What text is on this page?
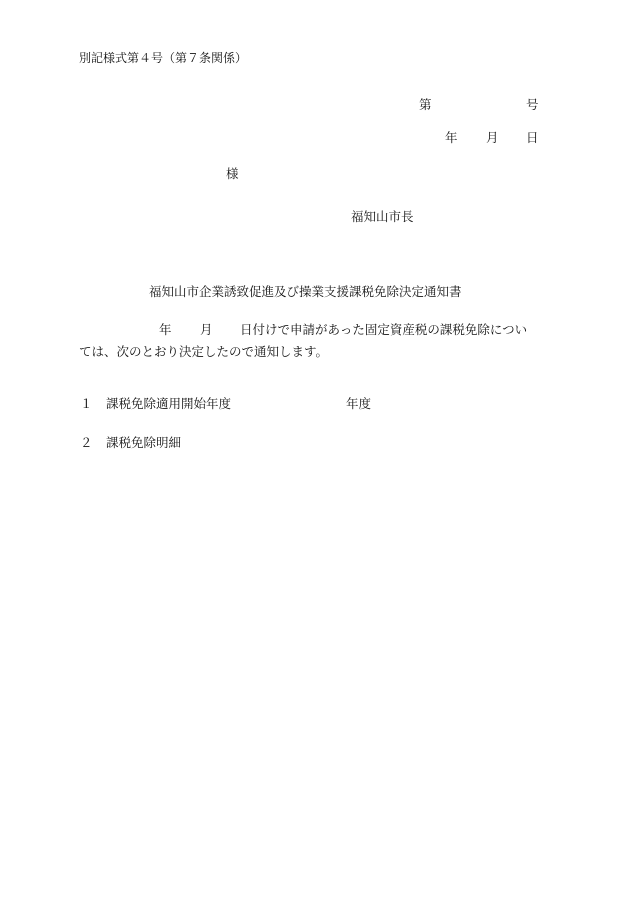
別記様式第４号（第７条関係）
第	号
年 月 日
様
福知山市長
福知山市企業誘致促進及び操業支援課税免除決定通知書
年 月 日付けで申請があった固定資産税の課税免除につい
ては、次のとおり決定したので通知します。
１ 課税免除適用開始年度	年度
２ 課税免除明細
